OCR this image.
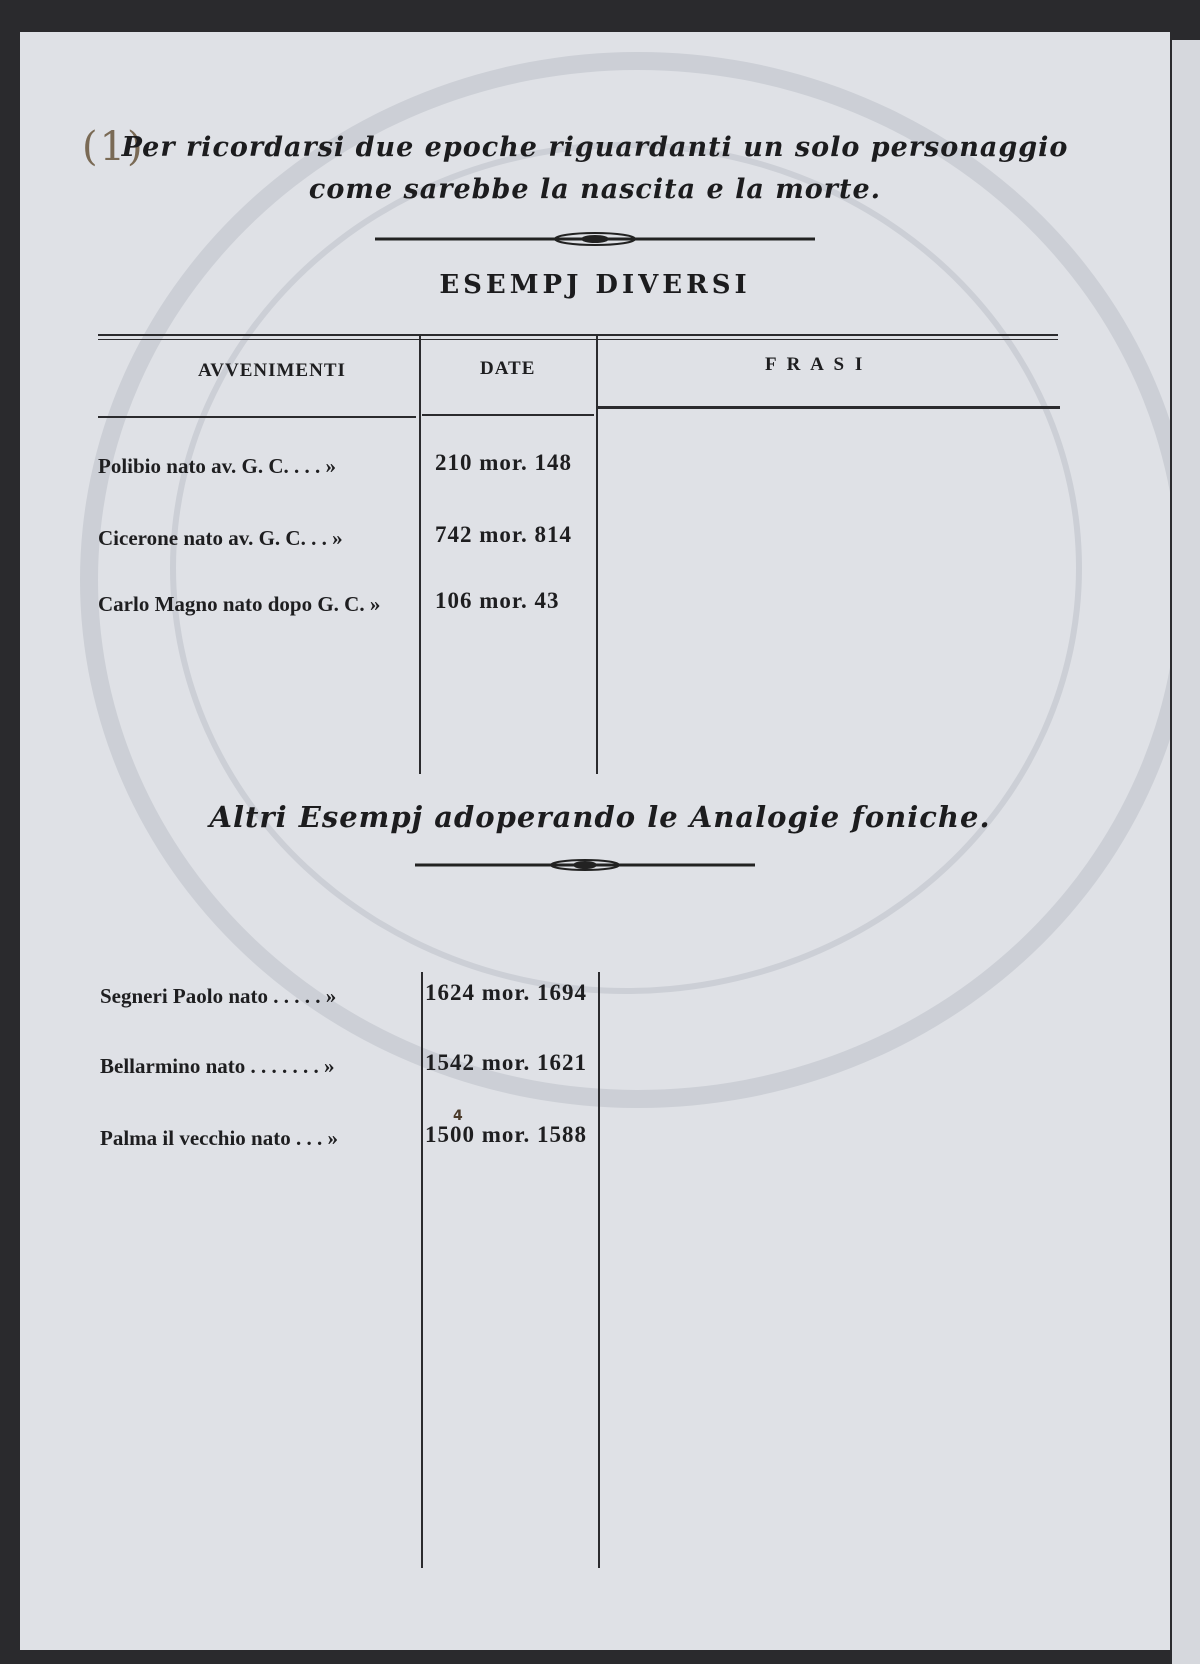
(1)
Per ricordarsi due epoche riguardanti un solo personaggio
come sarebbe la nascita e la morte.
ESEMPJ DIVERSI
AVVENIMENTI	DATE	F R A S I
Polibio nato av. G. C. . . . »	210 mor. 148
Cicerone nato av. G. C. . . »	742 mor. 814
Carlo Magno nato dopo G. C. » 106 mor. 43
Altri Esempj adoperando le Analogie foniche.
Segneri Paolo nato . . . . . »	1624 mor. 1694
Bellarmino nato . . . . . . . »	1542 mor. 1621
Palma il vecchio nato . . . »	1500 mor. 1588
4
